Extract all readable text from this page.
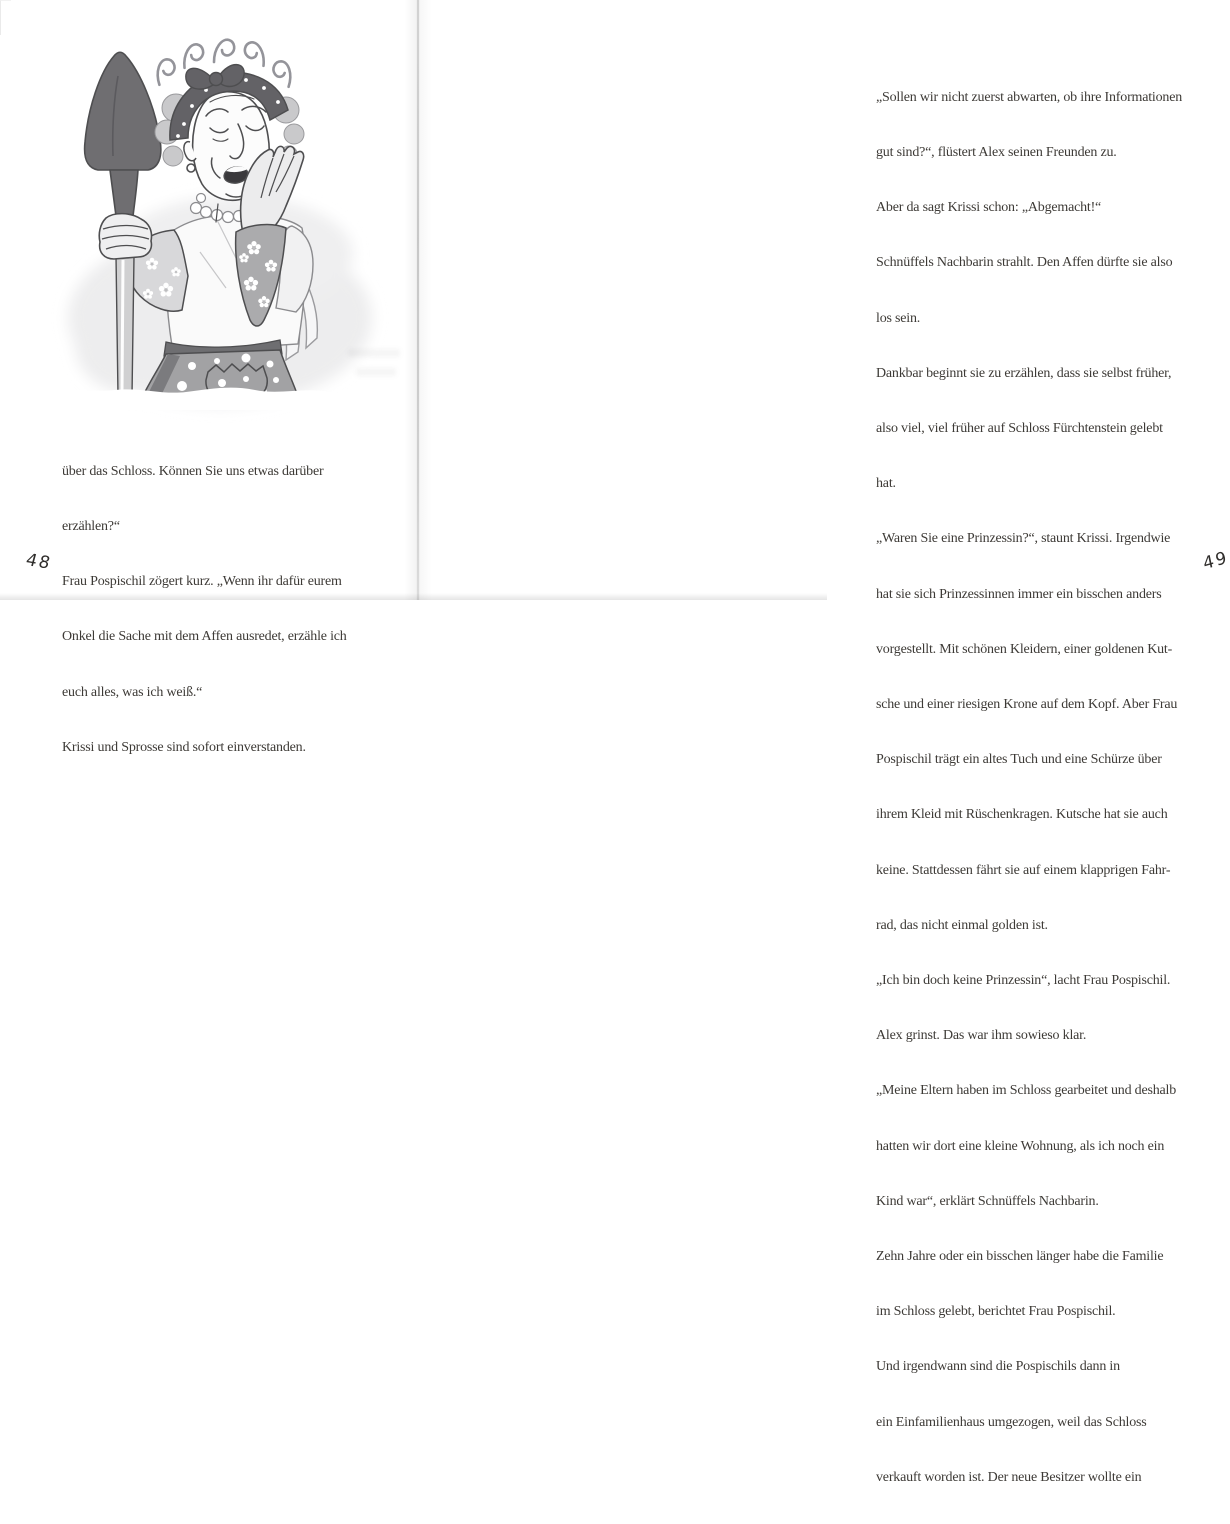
über das Schloss. Können Sie uns etwas darüber

erzählen?“

Frau Pospischil zögert kurz. „Wenn ihr dafür eurem

Onkel die Sache mit dem Affen ausredet, erzähle ich

euch alles, was ich weiß.“

Krissi und Sprosse sind sofort einverstanden.

48

„Sollen wir nicht zuerst abwarten, ob ihre Informationen

gut sind?“, flüstert Alex seinen Freunden zu.

Aber da sagt Krissi schon: „Abgemacht!“

Schnüffels Nachbarin strahlt. Den Affen dürfte sie also

los sein.

Dankbar beginnt sie zu erzählen, dass sie selbst früher,

also viel, viel früher auf Schloss Fürchtenstein gelebt

hat.

„Waren Sie eine Prinzessin?“, staunt Krissi. Irgendwie

hat sie sich Prinzessinnen immer ein bisschen anders

vorgestellt. Mit schönen Kleidern, einer goldenen Kut-

sche und einer riesigen Krone auf dem Kopf. Aber Frau

Pospischil trägt ein altes Tuch und eine Schürze über

ihrem Kleid mit Rüschenkragen. Kutsche hat sie auch

keine. Stattdessen fährt sie auf einem klapprigen Fahr-

rad, das nicht einmal golden ist.

„Ich bin doch keine Prinzessin“, lacht Frau Pospischil.

Alex grinst. Das war ihm sowieso klar.

„Meine Eltern haben im Schloss gearbeitet und deshalb

hatten wir dort eine kleine Wohnung, als ich noch ein

Kind war“, erklärt Schnüffels Nachbarin.

Zehn Jahre oder ein bisschen länger habe die Familie

im Schloss gelebt, berichtet Frau Pospischil.

Und irgendwann sind die Pospischils dann in

ein Einfamilienhaus umgezogen, weil das Schloss

verkauft worden ist. Der neue Besitzer wollte ein

49
